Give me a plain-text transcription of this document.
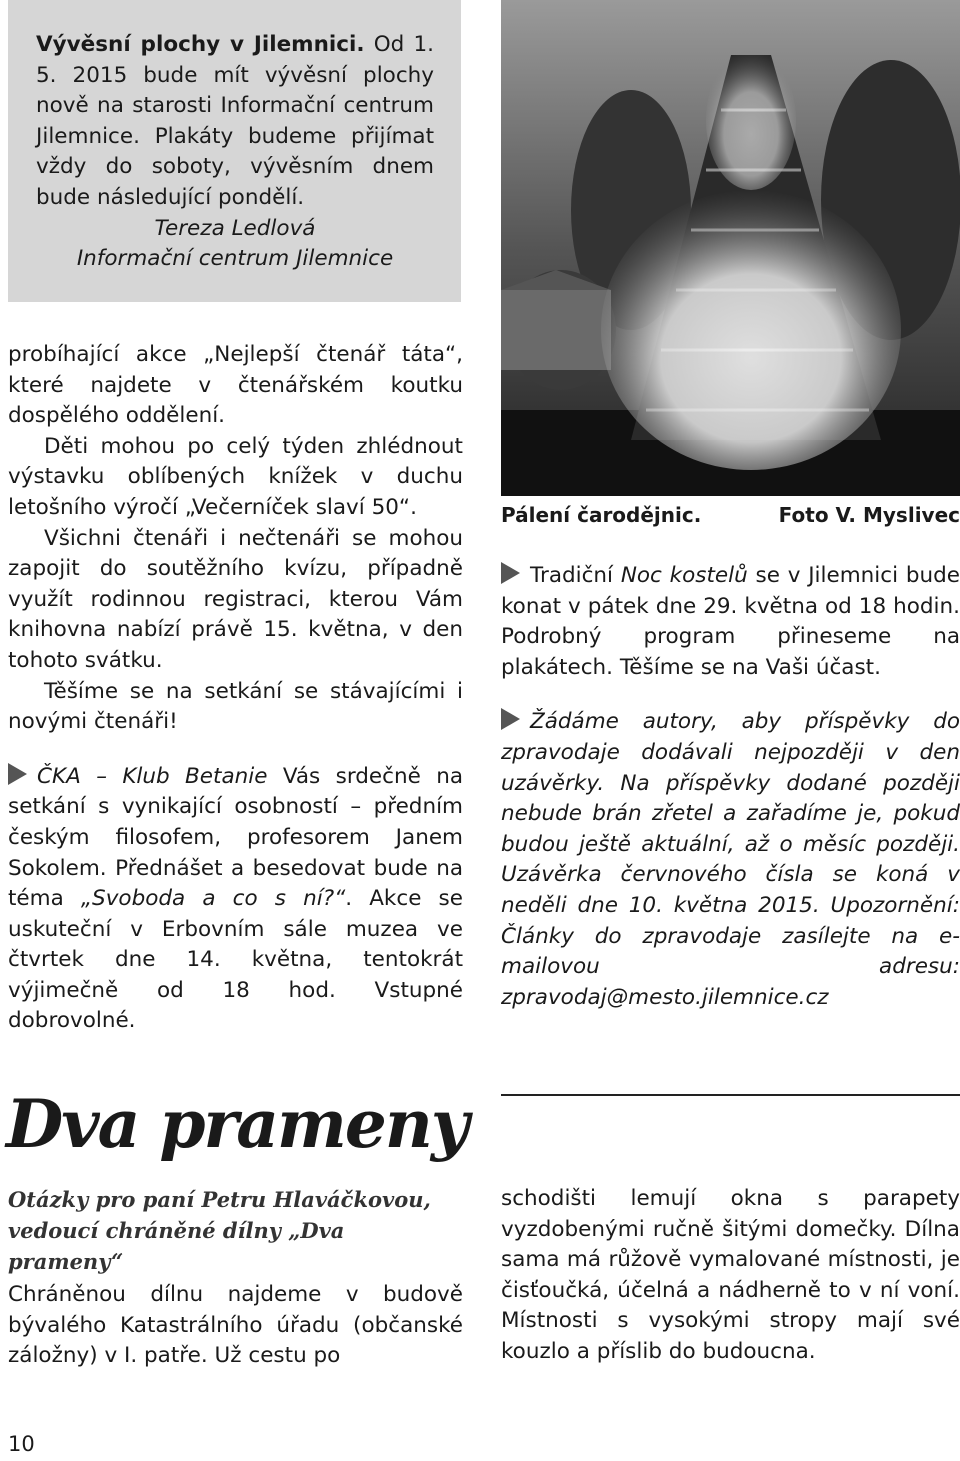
Vývěsní plochy v Jilemnici. Od 1. 5. 2015 bude mít vývěsní plochy nově na starosti Informační centrum Jilemnice. Plakáty budeme přijímat vždy do soboty, vývěsním dnem bude následující pondělí.

Tereza Ledlová

Informační centrum Jilemnice

probíhající akce „Nejlepší čtenář táta“, které najdete v čtenářském koutku dospělého oddělení.

Děti mohou po celý týden zhlédnout výstavku oblíbených knížek v duchu letošního výročí „Večerníček slaví 50“.

Všichni čtenáři i nečtenáři se mohou zapojit do soutěžního kvízu, případně využít rodinnou registraci, kterou Vám knihovna nabízí právě 15. května, v den tohoto svátku.

Těšíme se na setkání se stávajícími i novými čtenáři!

ČKA – Klub Betanie Vás srdečně na setkání s vynikající osobností – předním českým filosofem, profesorem Janem Sokolem. Přednášet a besedovat bude na téma „Svoboda a co s ní?“. Akce se uskuteční v Erbovním sále muzea ve čtvrtek dne 14. května, tentokrát výjimečně od 18 hod. Vstupné dobrovolné.

Pálení čarodějnic.	Foto V. Myslivec

Tradiční Noc kostelů se v Jilemnici bude konat v pátek dne 29. května od 18 hodin. Podrobný program přineseme na plakátech. Těšíme se na Vaši účast.

Žádáme autory, aby příspěvky do zpravodaje dodávali nejpozději v den uzávěrky. Na příspěvky dodané později nebude brán zřetel a zařadíme je, pokud budou ještě aktuální, až o měsíc později. Uzávěrka červnového čísla se koná v neděli dne 10. května 2015. Upozornění: Články do zpravodaje zasílejte na e-mailovou adresu: zpravodaj@mesto.jilemnice.cz

Dva prameny
Otázky pro paní Petru Hlaváčkovou, vedoucí chráněné dílny „Dva prameny“
Chráněnou dílnu najdeme v budově bývalého Katastrálního úřadu (občanské záložny) v I. patře. Už cestu po
schodišti lemují okna s parapety vyzdobenými ručně šitými domečky. Dílna sama má růžově vymalované místnosti, je čisťoučká, účelná a nádherně to v ní voní. Místnosti s vysokými stropy mají své kouzlo a příslib do budoucna.
10
